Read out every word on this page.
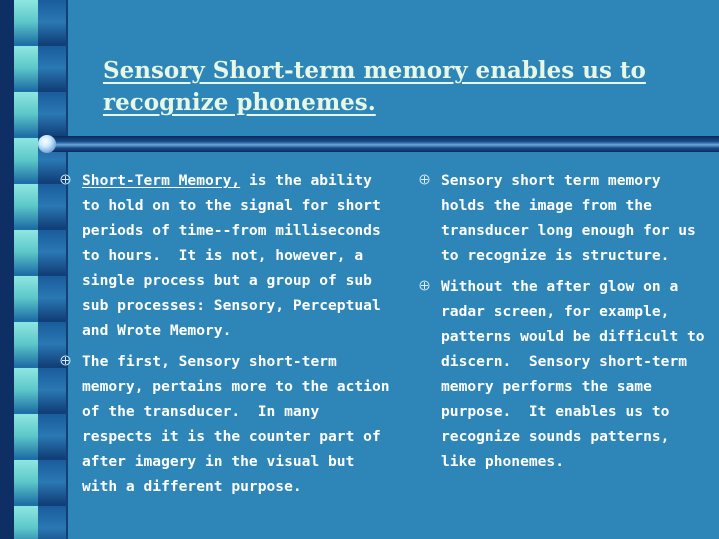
Sensory Short-term memory enables us to
recognize phonemes.
Short-Term Memory, is the ability to hold on to the signal for short periods of time--from milliseconds to hours.  It is not, however, a single process but a group of sub sub processes: Sensory, Perceptual and Wrote Memory.
The first, Sensory short-term memory, pertains more to the action of the transducer.  In many respects it is the counter part of after imagery in the visual but with a different purpose.
Sensory short term memory holds the image from the transducer long enough for us to recognize is structure.
Without the after glow on a radar screen, for example, patterns would be difficult to discern.  Sensory short-term memory performs the same purpose.  It enables us to recognize sounds patterns, like phonemes.
